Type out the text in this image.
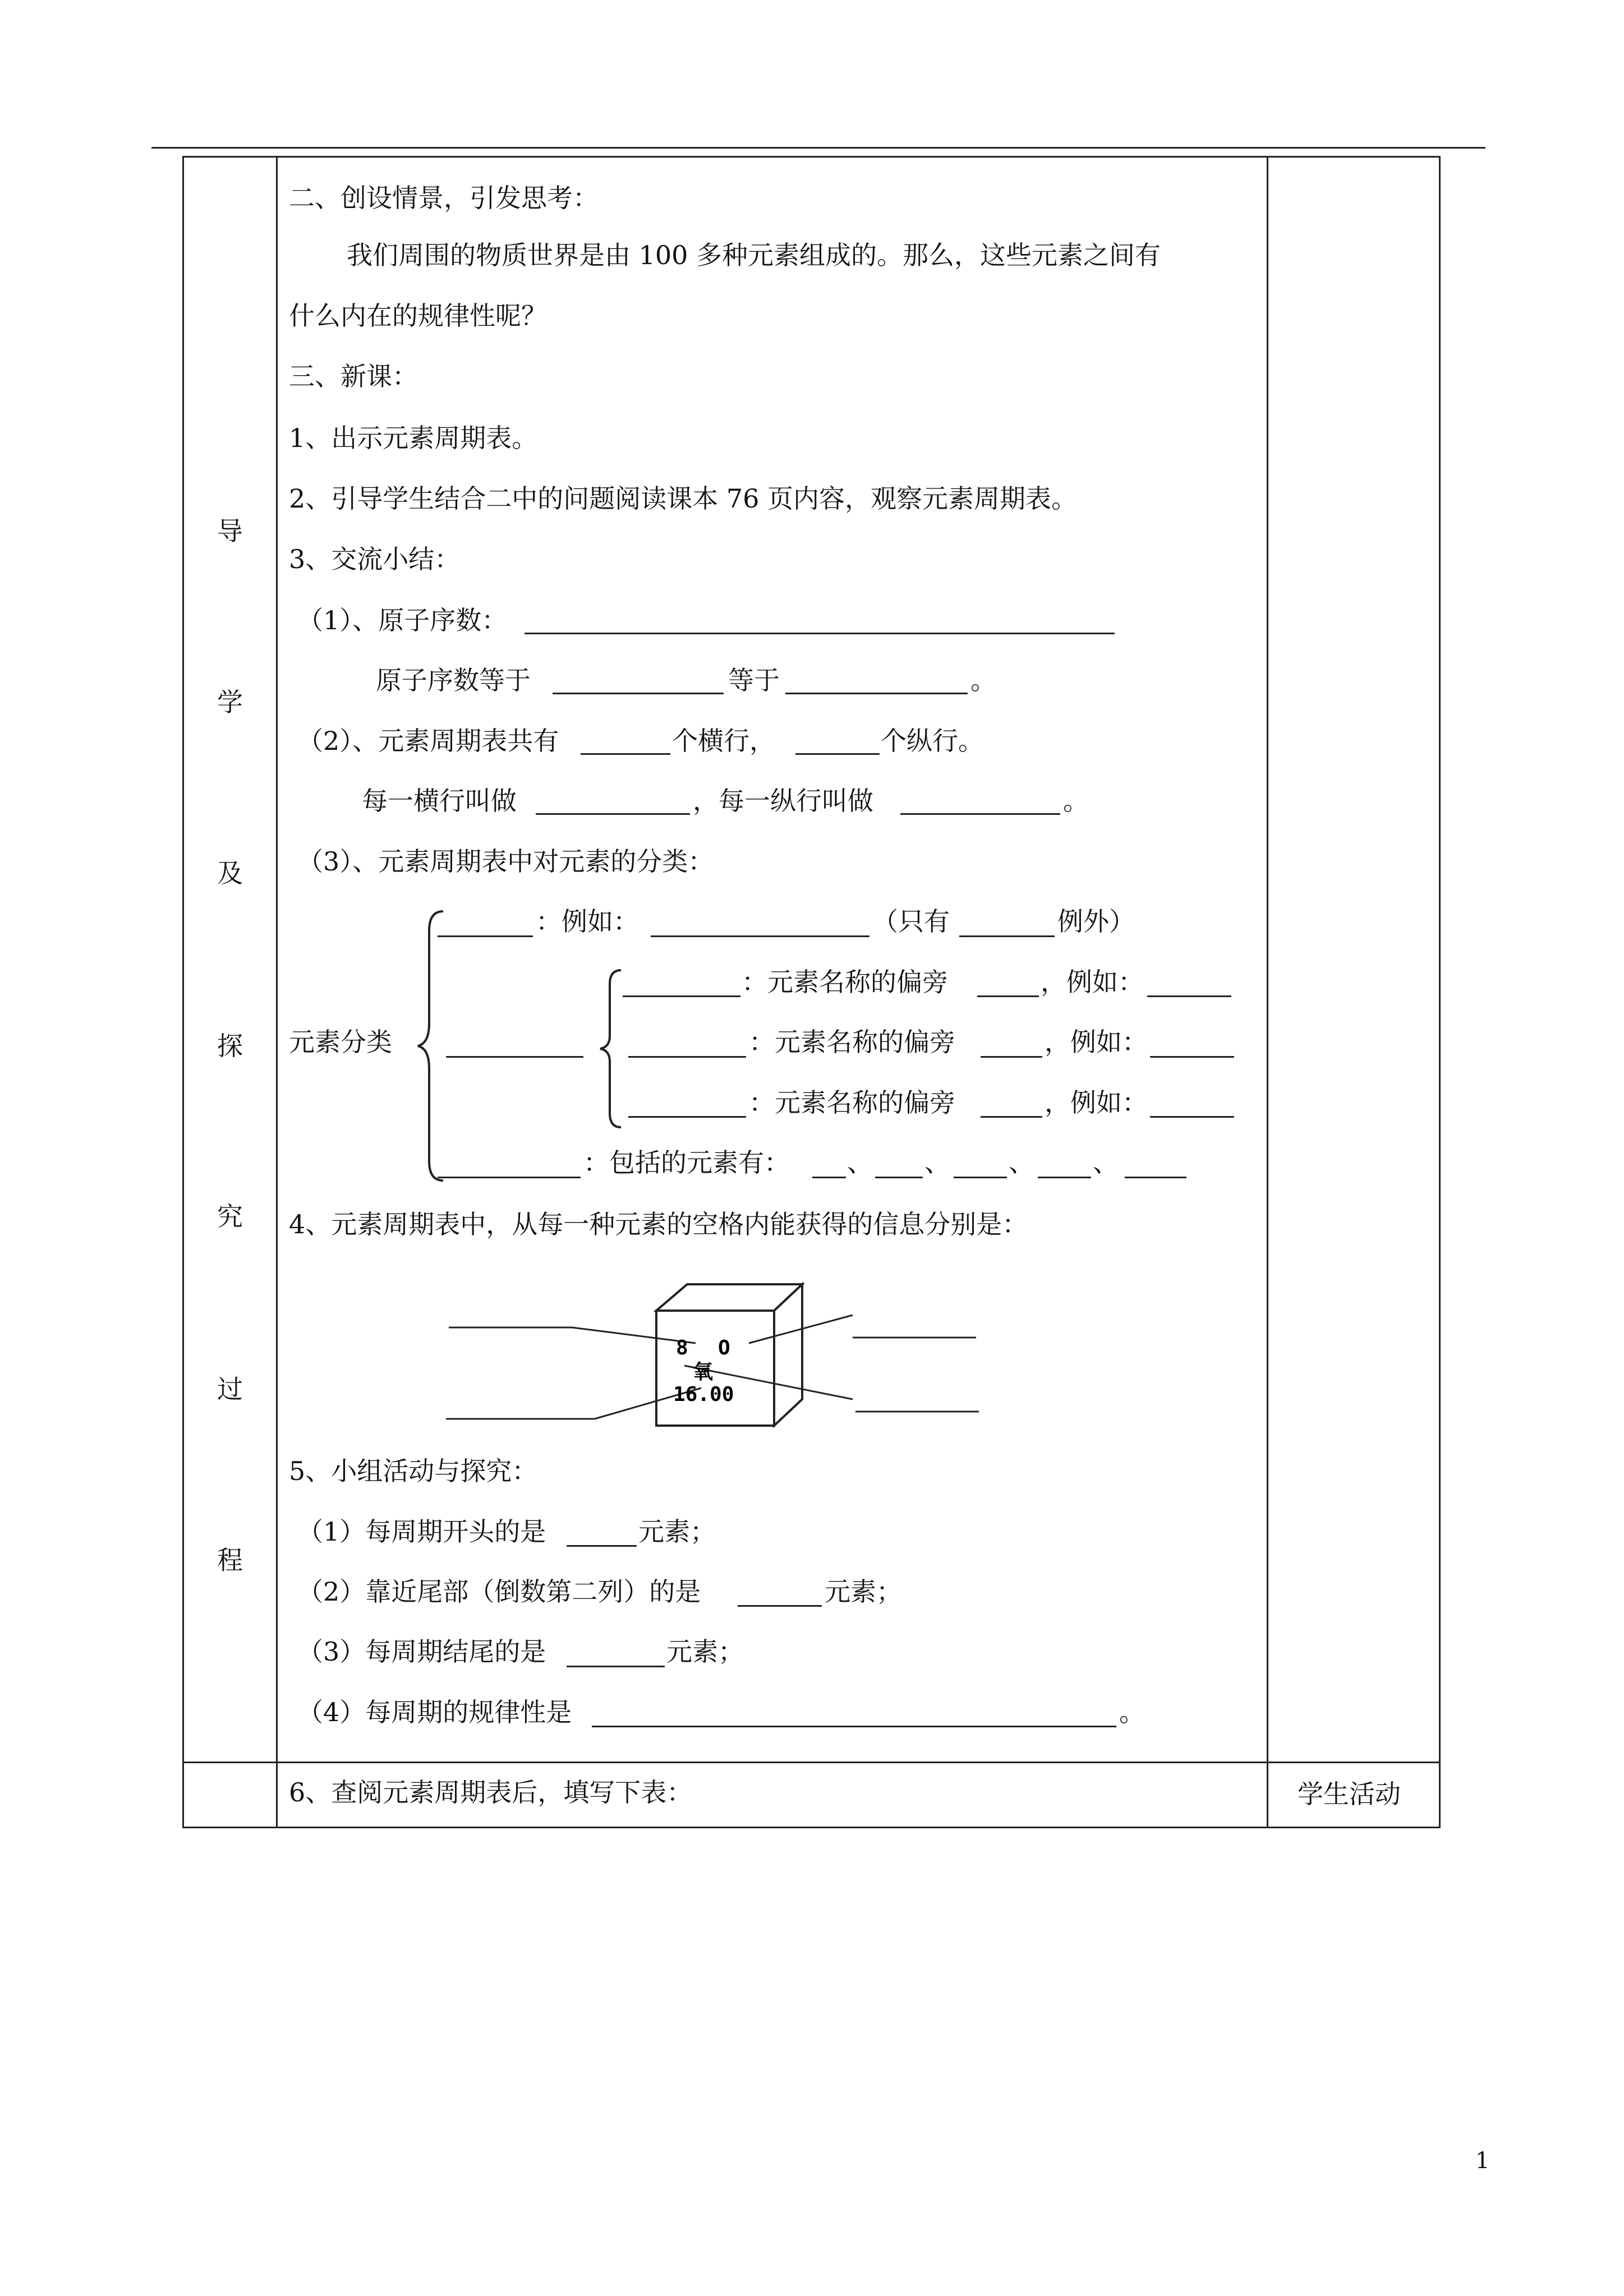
导
学
及
探
究
过
程
学生活动
二、创设情景，引发思考：
我们周围的物质世界是由 100 多种元素组成的。那么，这些元素之间有
什么内在的规律性呢？
三、新课：
1、出示元素周期表。
2、引导学生结合二中的问题阅读课本 76 页内容，观察元素周期表。
3、交流小结：
（1）、原子序数：
原子序数等于	等于	。
（2）、元素周期表共有	个横行，	个纵行。
每一横行叫做	，每一纵行叫做	。
（3）、元素周期表中对元素的分类：
元素分类
：例如：	（只有	例外）
：元素名称的偏旁	，例如：
：元素名称的偏旁	，例如：
：元素名称的偏旁	，例如：
：包括的元素有： 、 、 、 、
4、元素周期表中，从每一种元素的空格内能获得的信息分别是：
8 O
氧
16.00
5、小组活动与探究：
（1）每周期开头的是	元素；
（2）靠近尾部（倒数第二列）的是	元素；
（3）每周期结尾的是	元素；
（4）每周期的规律性是	。
6、查阅元素周期表后，填写下表：
1
